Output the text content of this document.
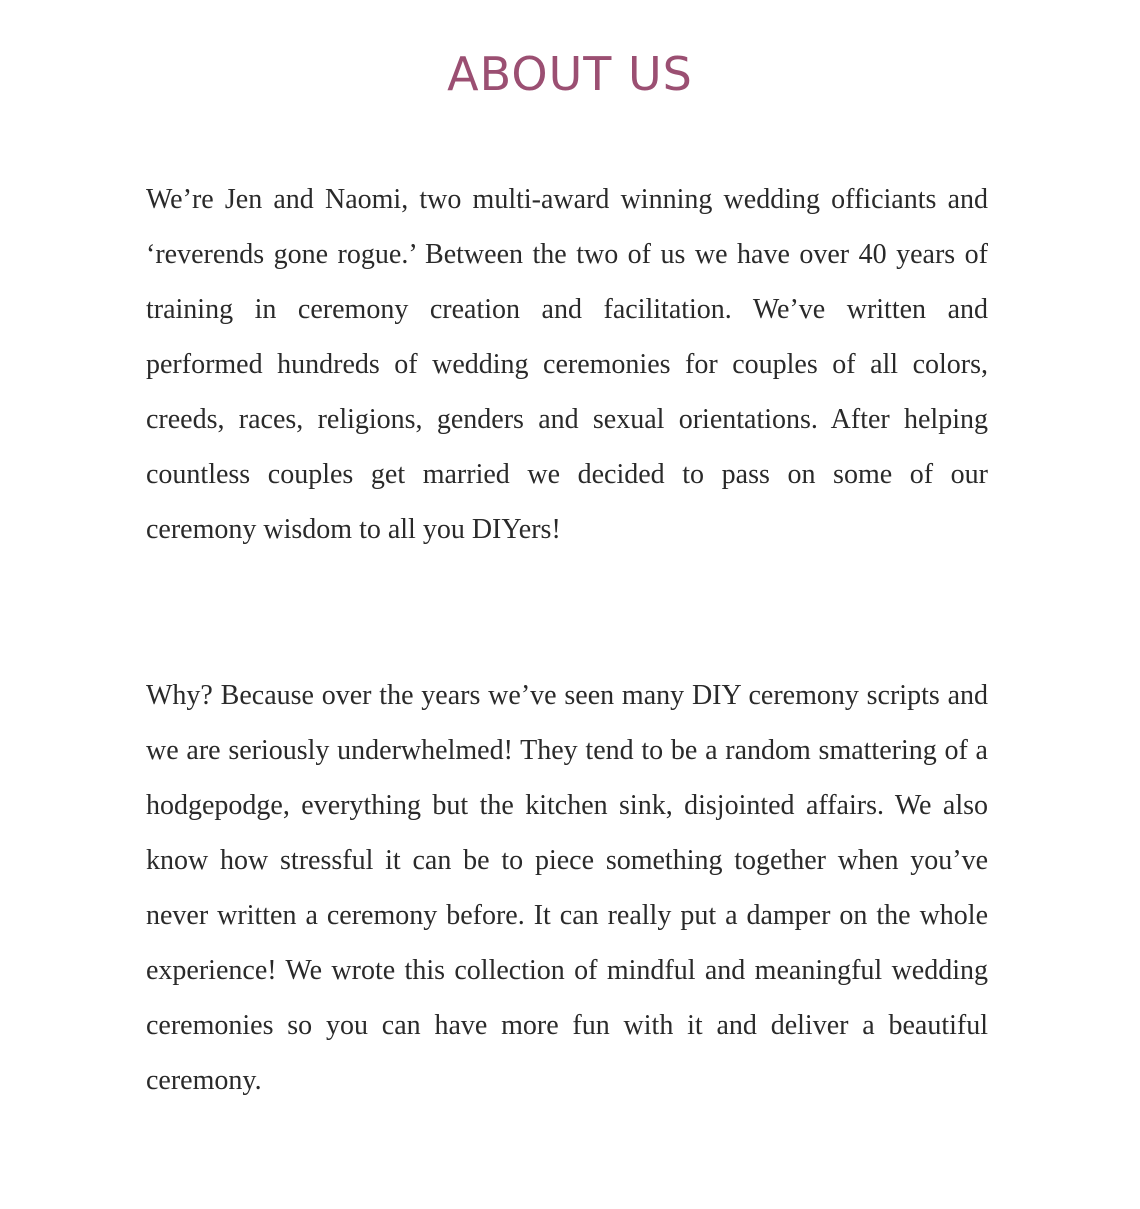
ABOUT US

We’re Jen and Naomi, two multi-award winning wedding officiants and ‘reverends gone rogue.’ Between the two of us we have over 40 years of training in ceremony creation and facilitation. We’ve written and performed hundreds of wedding ceremonies for couples of all colors, creeds, races, religions, genders and sexual orientations. After helping countless couples get married we decided to pass on some of our ceremony wisdom to all you DIYers!

Why? Because over the years we’ve seen many DIY ceremony scripts and we are seriously underwhelmed! They tend to be a random smattering of a hodgepodge, everything but the kitchen sink, disjointed affairs. We also know how stressful it can be to piece something together when you’ve never written a ceremony before. It can really put a damper on the whole experience! We wrote this collection of mindful and meaningful wedding ceremonies so you can have more fun with it and deliver a beautiful ceremony.
